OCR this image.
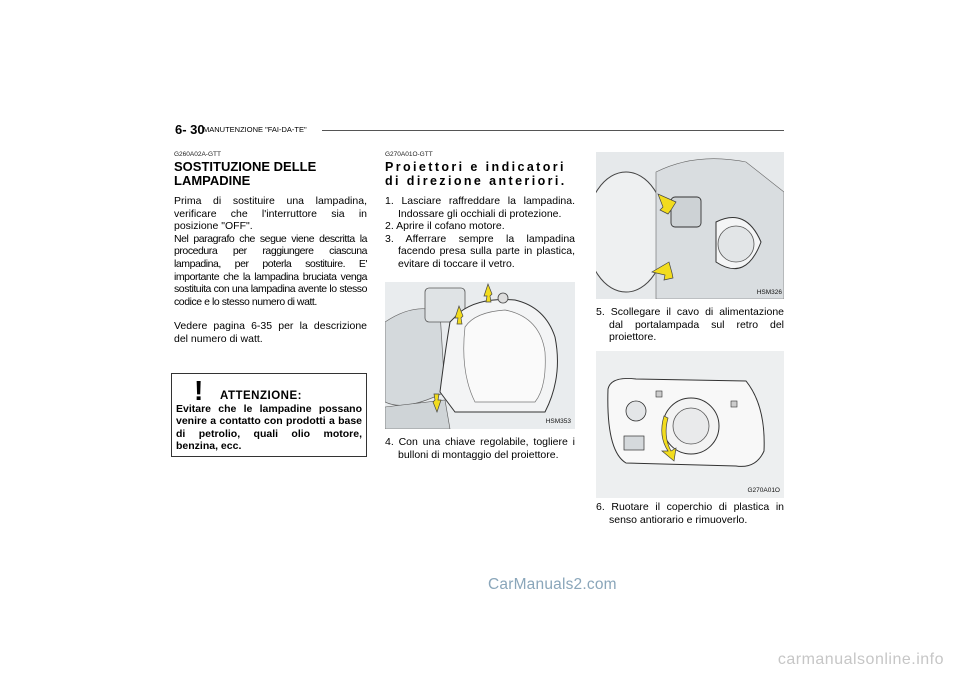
6- 30
MANUTENZIONE "FAI-DA-TE"
G260A02A-GTT
SOSTITUZIONE DELLE LAMPADINE

Prima di sostituire una lampadina, verificare che l'interruttore sia in posizione "OFF".

Nel paragrafo che segue viene descritta la procedura per raggiungere ciascuna lampadina, per poterla sostituire. E' importante che la lampadina bruciata venga sostituita con una lampadina avente lo stesso codice e lo stesso numero di watt.

Vedere pagina 6-35 per la descrizione del numero di watt.

! ATTENZIONE:
Evitare che le lampadine possano venire a contatto con prodotti a base di petrolio, quali olio motore, benzina, ecc.
G270A01O-GTT
Proiettori e indicatori di direzione anteriori.
1. Lasciare raffreddare la lampadina. Indossare gli occhiali di protezione.
2. Aprire il cofano motore.
3. Afferrare sempre la lampadina facendo presa sulla parte in plastica, evitare di toccare il vetro.
HSM353
4. Con una chiave regolabile, togliere i bulloni di montaggio del proiettore.
HSM326
5. Scollegare il cavo di alimentazione dal portalampada sul retro del proiettore.
G270A01O
6. Ruotare il coperchio di plastica in senso antiorario e rimuoverlo.
CarManuals2.com
carmanualsonline.info
